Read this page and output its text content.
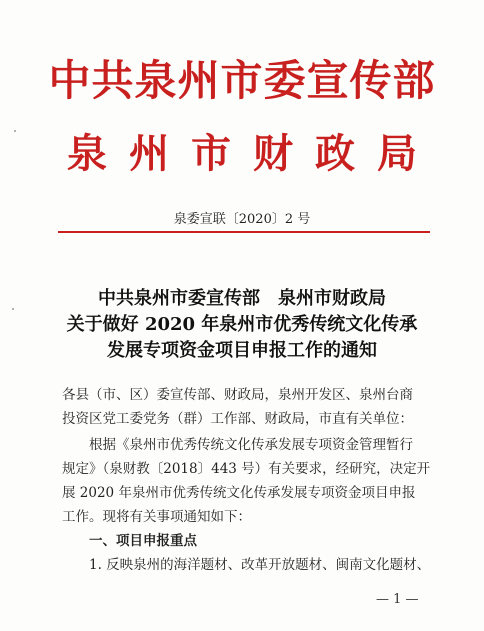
中共泉州市委宣传部
泉州市财政局
泉委宣联〔2020〕2 号
中共泉州市委宣传部　泉州市财政局
关于做好 2020 年泉州市优秀传统文化传承
发展专项资金项目申报工作的通知
各县（市、区）委宣传部、财政局，泉州开发区、泉州台商
投资区党工委党务（群）工作部、财政局，市直有关单位：
　　根据《泉州市优秀传统文化传承发展专项资金管理暂行
规定》（泉财教〔2018〕443 号）有关要求，经研究，决定开
展 2020 年泉州市优秀传统文化传承发展专项资金项目申报
工作。现将有关事项通知如下：
　　一、项目申报重点
　　1. 反映泉州的海洋题材、改革开放题材、闽南文化题材、
— 1 —
